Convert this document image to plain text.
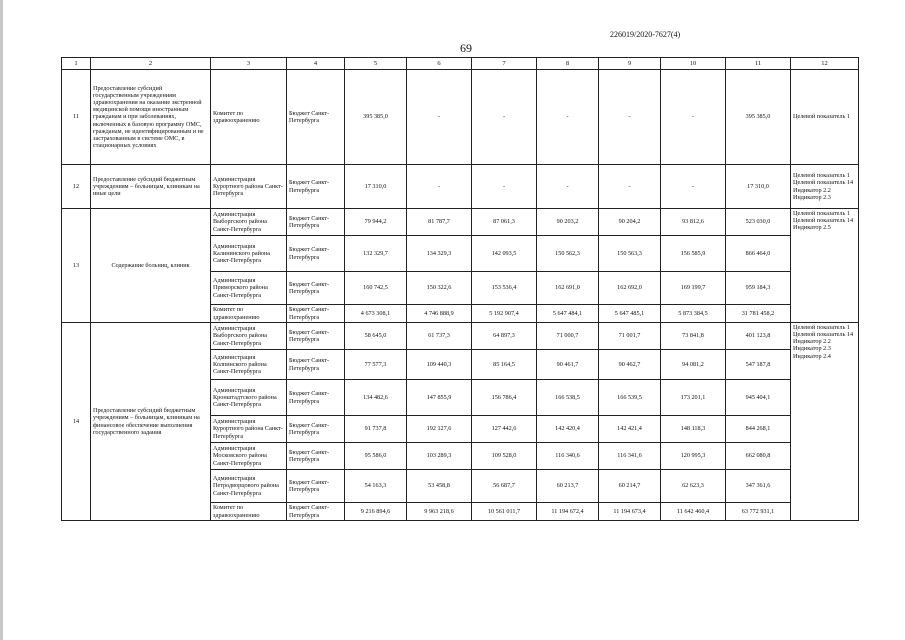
226019/2020-7627(4)
69
1	2	3	4	5	6	7	8	9	10	11	12
11	Предоставление субсидий государственным учреждениям здравоохранения на оказание экстренной медицинской помощи иностранным гражданам и при заболеваниях, включенных в базовую программу ОМС, гражданам, не идентифицированным и не застрахованным в системе ОМС, в стационарных условиях	Комитет по здравоохранению	Бюджет Санкт-Петербурга	395 385,0	-	-	-	-	-	395 385,0	Целевой показатель 1
12	Предоставление субсидий бюджетным учреждениям – больницам, клиникам на иные цели	Администрация Курортного района Санкт-Петербурга	Бюджет Санкт-Петербурга	17 310,0	-	-	-	-	-	17 310,0	Целевой показатель 1 Целевой показатель 14 Индикатор 2.2 Индикатор 2.3
13	Содержание больниц, клиник	Администрация Выборгского района Санкт-Петербурга	Бюджет Санкт-Петербурга	79 944,2	81 787,7	87 061,3	90 203,2	90 204,2	93 812,6	523 030,0	Целевой показатель 1 Целевой показатель 14 Индикатор 2.5
		Администрация Калининского района Санкт-Петербурга	Бюджет Санкт-Петербурга	132 329,7	134 329,3	142 093,5	150 562,3	150 563,3	156 585,9	866 464,0	
		Администрация Приморского района Санкт-Петербурга	Бюджет Санкт-Петербурга	160 742,5	150 322,6	153 536,4	162 691,0	162 692,0	169 199,7	959 184,3	
		Комитет по здравоохранению	Бюджет Санкт-Петербурга	4 673 308,1	4 746 888,9	5 192 907,4	5 647 484,1	5 647 485,1	5 873 384,5	31 781 458,2	
14	Предоставление субсидий бюджетным учреждениям – больницам, клиникам на финансовое обеспечение выполнения государственного задания	Администрация Выборгского района Санкт-Петербурга	Бюджет Санкт-Петербурга	58 645,0	61 737,3	64 897,3	71 000,7	71 001,7	73 841,8	401 123,8	Целевой показатель 1 Целевой показатель 14 Индикатор 2.2 Индикатор 2.3 Индикатор 2.4
		Администрация Колпинского района Санкт-Петербурга	Бюджет Санкт-Петербурга	77 577,3	109 440,3	85 164,5	90 461,7	90 462,7	94 081,2	547 187,8	
		Администрация Кронштадтского района Санкт-Петербурга	Бюджет Санкт-Петербурга	134 482,6	147 855,9	156 786,4	166 538,5	166 539,5	173 201,1	945 404,1	
		Администрация Курортного района Санкт-Петербурга	Бюджет Санкт-Петербурга	91 737,8	192 127,6	127 442,6	142 420,4	142 421,4	148 118,3	844 268,1	
		Администрация Московского района Санкт-Петербурга	Бюджет Санкт-Петербурга	95 586,0	103 289,3	109 528,0	116 340,6	116 341,6	120 995,3	662 080,8	
		Администрация Петродворцового района Санкт-Петербурга	Бюджет Санкт-Петербурга	54 163,3	53 458,8	56 687,7	60 213,7	60 214,7	62 623,3	347 361,6	
		Комитет по здравоохранению	Бюджет Санкт-Петербурга	9 216 894,6	9 963 218,6	10 561 011,7	11 194 672,4	11 194 673,4	11 642 460,4	63 772 931,1	
